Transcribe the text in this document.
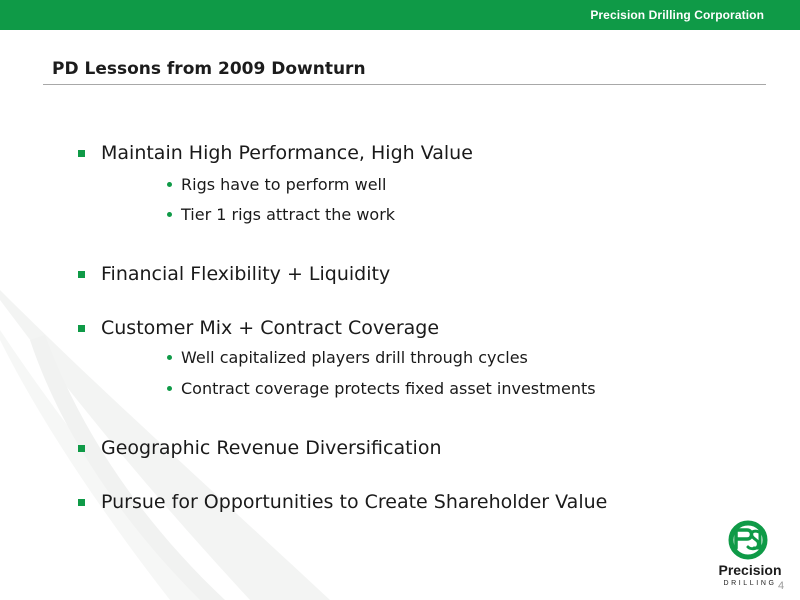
Precision Drilling Corporation
PD Lessons from 2009 Downturn
Maintain High Performance, High Value
Rigs have to perform well
Tier 1 rigs attract the work
Financial Flexibility + Liquidity
Customer Mix + Contract Coverage
Well capitalized players drill through cycles
Contract coverage protects fixed asset investments
Geographic Revenue Diversification
Pursue for Opportunities to Create Shareholder Value
Precision
DRILLING 4
